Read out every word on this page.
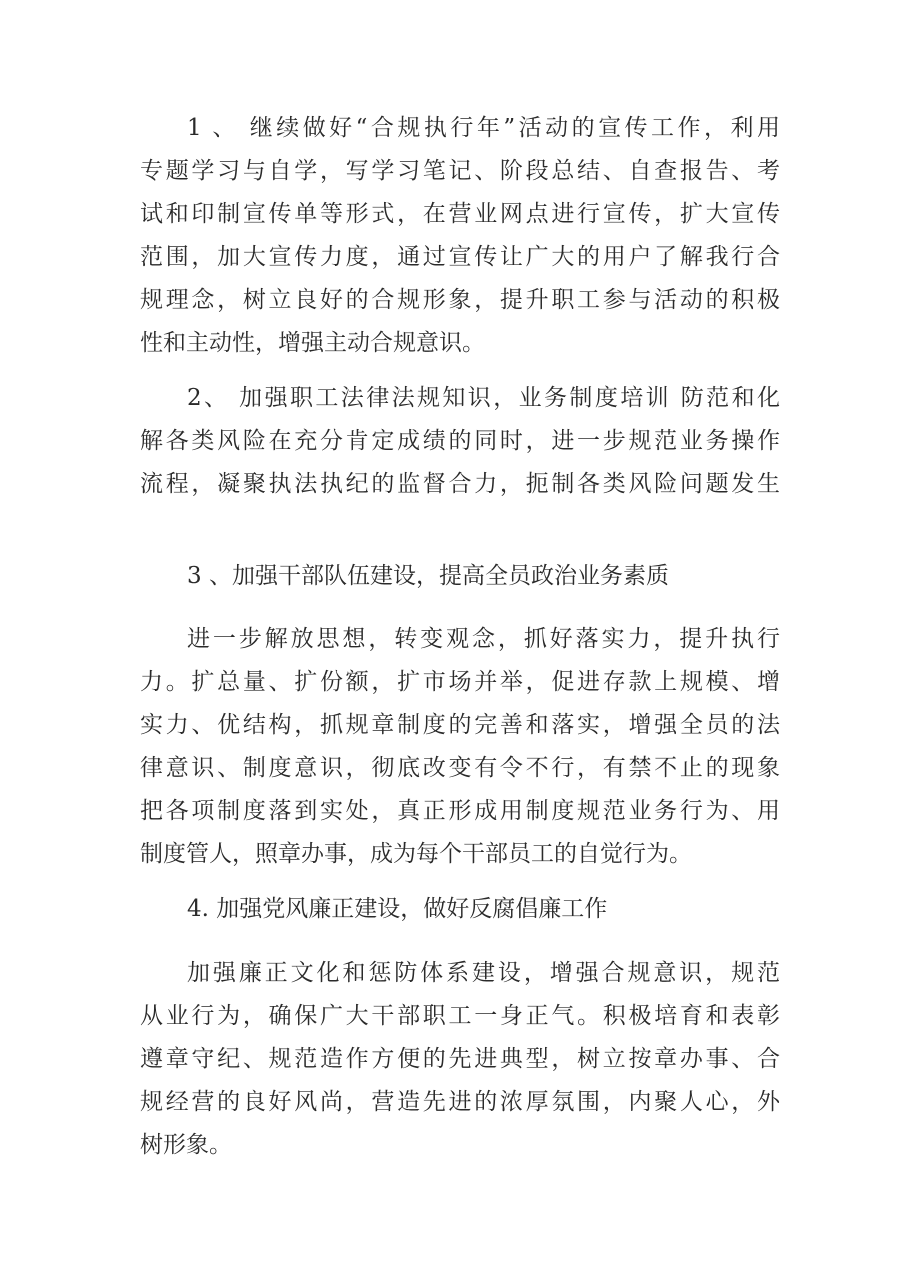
1 、 继续做好“合规执行年”活动的宣传工作，利用
专题学习与自学，写学习笔记、阶段总结、自查报告、考
试和印制宣传单等形式，在营业网点进行宣传，扩大宣传
范围，加大宣传力度，通过宣传让广大的用户了解我行合
规理念，树立良好的合规形象，提升职工参与活动的积极
性和主动性，增强主动合规意识。
2、 加强职工法律法规知识，业务制度培训 防范和化
解各类风险在充分肯定成绩的同时，进一步规范业务操作
流程，凝聚执法执纪的监督合力，扼制各类风险问题发生
3 、加强干部队伍建设，提高全员政治业务素质
进一步解放思想，转变观念，抓好落实力，提升执行
力。扩总量、扩份额，扩市场并举，促进存款上规模、增
实力、优结构，抓规章制度的完善和落实，增强全员的法
律意识、制度意识，彻底改变有令不行，有禁不止的现象
把各项制度落到实处，真正形成用制度规范业务行为、用
制度管人，照章办事，成为每个干部员工的自觉行为。
4. 加强党风廉正建设，做好反腐倡廉工作
加强廉正文化和惩防体系建设，增强合规意识，规范
从业行为，确保广大干部职工一身正气。积极培育和表彰
遵章守纪、规范造作方便的先进典型，树立按章办事、合
规经营的良好风尚，营造先进的浓厚氛围，内聚人心，外
树形象。
